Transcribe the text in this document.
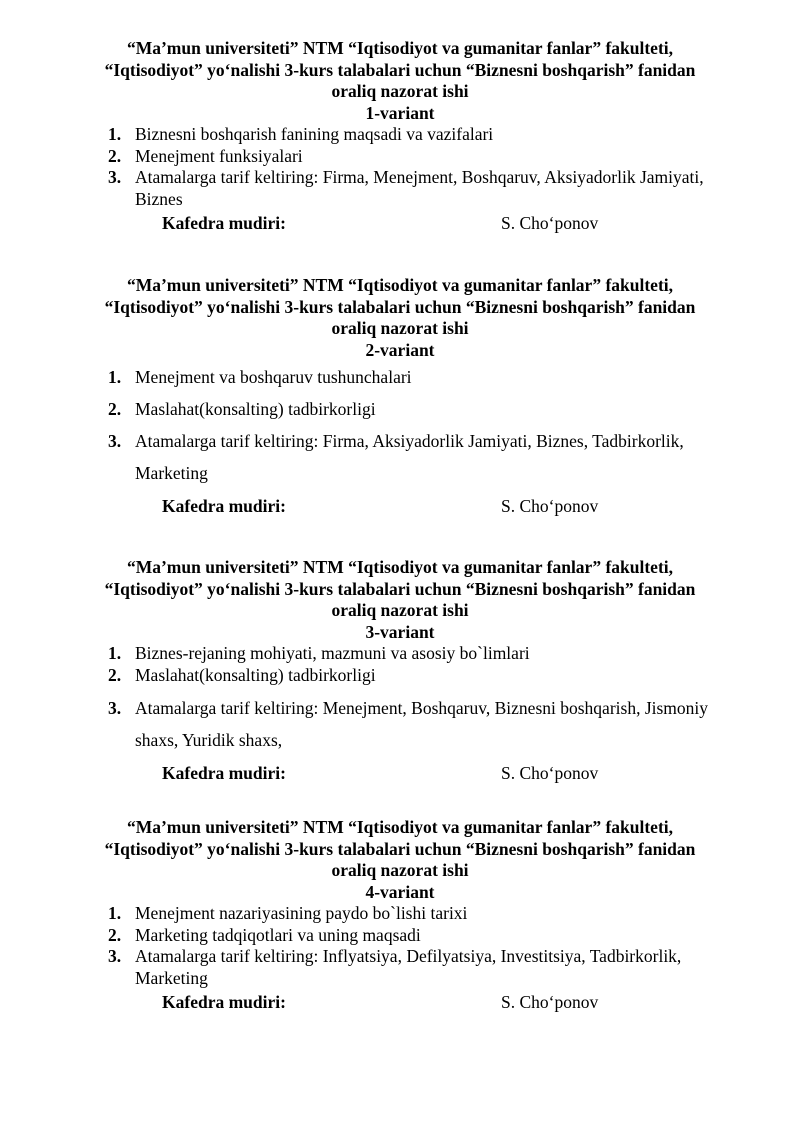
“Ma’mun universiteti” NTM “Iqtisodiyot va gumanitar fanlar” fakulteti,

“Iqtisodiyot” yo‘nalishi 3-kurs talabalari uchun “Biznesni boshqarish” fanidan

oraliq nazorat ishi

1-variant

1. Biznesni boshqarish fanining maqsadi va vazifalari
2. Menejment funksiyalari
3. Atamalarga tarif keltiring: Firma, Menejment, Boshqaruv, Aksiyadorlik Jamiyati, Biznes
Kafedra mudiri:	S. Cho‘ponov

“Ma’mun universiteti” NTM “Iqtisodiyot va gumanitar fanlar” fakulteti,

“Iqtisodiyot” yo‘nalishi 3-kurs talabalari uchun “Biznesni boshqarish” fanidan

oraliq nazorat ishi

2-variant

1. Menejment va boshqaruv tushunchalari
2. Maslahat(konsalting) tadbirkorligi
3. Atamalarga tarif keltiring: Firma, Aksiyadorlik Jamiyati, Biznes, Tadbirkorlik, Marketing
Kafedra mudiri:	S. Cho‘ponov

“Ma’mun universiteti” NTM “Iqtisodiyot va gumanitar fanlar” fakulteti,

“Iqtisodiyot” yo‘nalishi 3-kurs talabalari uchun “Biznesni boshqarish” fanidan

oraliq nazorat ishi

3-variant

1. Biznes-rejaning mohiyati, mazmuni va asosiy bo`limlari
2. Maslahat(konsalting) tadbirkorligi
3. Atamalarga tarif keltiring: Menejment, Boshqaruv, Biznesni boshqarish, Jismoniy shaxs, Yuridik shaxs,
Kafedra mudiri:	S. Cho‘ponov

“Ma’mun universiteti” NTM “Iqtisodiyot va gumanitar fanlar” fakulteti,

“Iqtisodiyot” yo‘nalishi 3-kurs talabalari uchun “Biznesni boshqarish” fanidan

oraliq nazorat ishi

4-variant

1. Menejment nazariyasining paydo bo`lishi tarixi
2. Marketing tadqiqotlari va uning maqsadi
3. Atamalarga tarif keltiring: Inflyatsiya, Defilyatsiya, Investitsiya, Tadbirkorlik, Marketing
Kafedra mudiri:	S. Cho‘ponov
